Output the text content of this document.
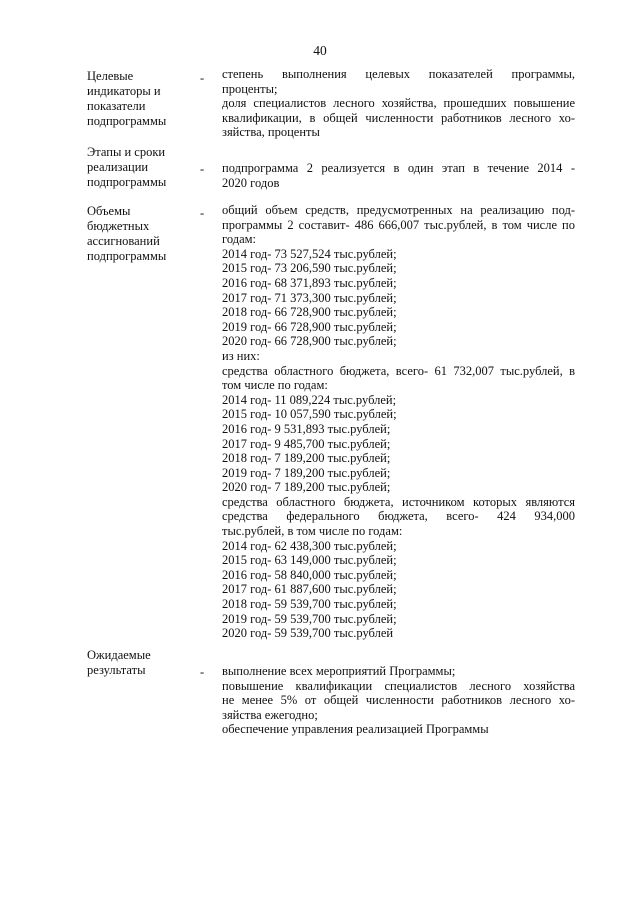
40
Целевые
индикаторы и
показатели
подпрограммы
- степень выполнения целевых показателей программы,
проценты;
доля специалистов лесного хозяйства, прошедших повышение
квалификации, в общей численности работников лесного хо-
зяйства, проценты
Этапы и сроки
реализации
подпрограммы
- подпрограмма 2 реализуется в один этап в течение 2014 -
2020 годов
Объемы
бюджетных
ассигнований
подпрограммы
- общий объем средств, предусмотренных на реализацию под-
программы 2 составит- 486 666,007 тыс.рублей, в том числе по
годам:
2014 год- 73 527,524 тыс.рублей;
2015 год- 73 206,590 тыс.рублей;
2016 год- 68 371,893 тыс.рублей;
2017 год- 71 373,300 тыс.рублей;
2018 год- 66 728,900 тыс.рублей;
2019 год- 66 728,900 тыс.рублей;
2020 год- 66 728,900 тыс.рублей;
из них:
средства областного бюджета, всего- 61 732,007 тыс.рублей, в
том числе по годам:
2014 год- 11 089,224 тыс.рублей;
2015 год- 10 057,590 тыс.рублей;
2016 год- 9 531,893 тыс.рублей;
2017 год- 9 485,700 тыс.рублей;
2018 год- 7 189,200 тыс.рублей;
2019 год- 7 189,200 тыс.рублей;
2020 год- 7 189,200 тыс.рублей;
средства областного бюджета, источником которых являются
средства федерального бюджета, всего- 424 934,000
тыс.рублей, в том числе по годам:
2014 год- 62 438,300 тыс.рублей;
2015 год- 63 149,000 тыс.рублей;
2016 год- 58 840,000 тыс.рублей;
2017 год- 61 887,600 тыс.рублей;
2018 год- 59 539,700 тыс.рублей;
2019 год- 59 539,700 тыс.рублей;
2020 год- 59 539,700 тыс.рублей
Ожидаемые
результаты	- выполнение всех мероприятий Программы;
повышение квалификации специалистов лесного хозяйства
не менее 5% от общей численности работников лесного хо-
зяйства ежегодно;
обеспечение управления реализацией Программы
